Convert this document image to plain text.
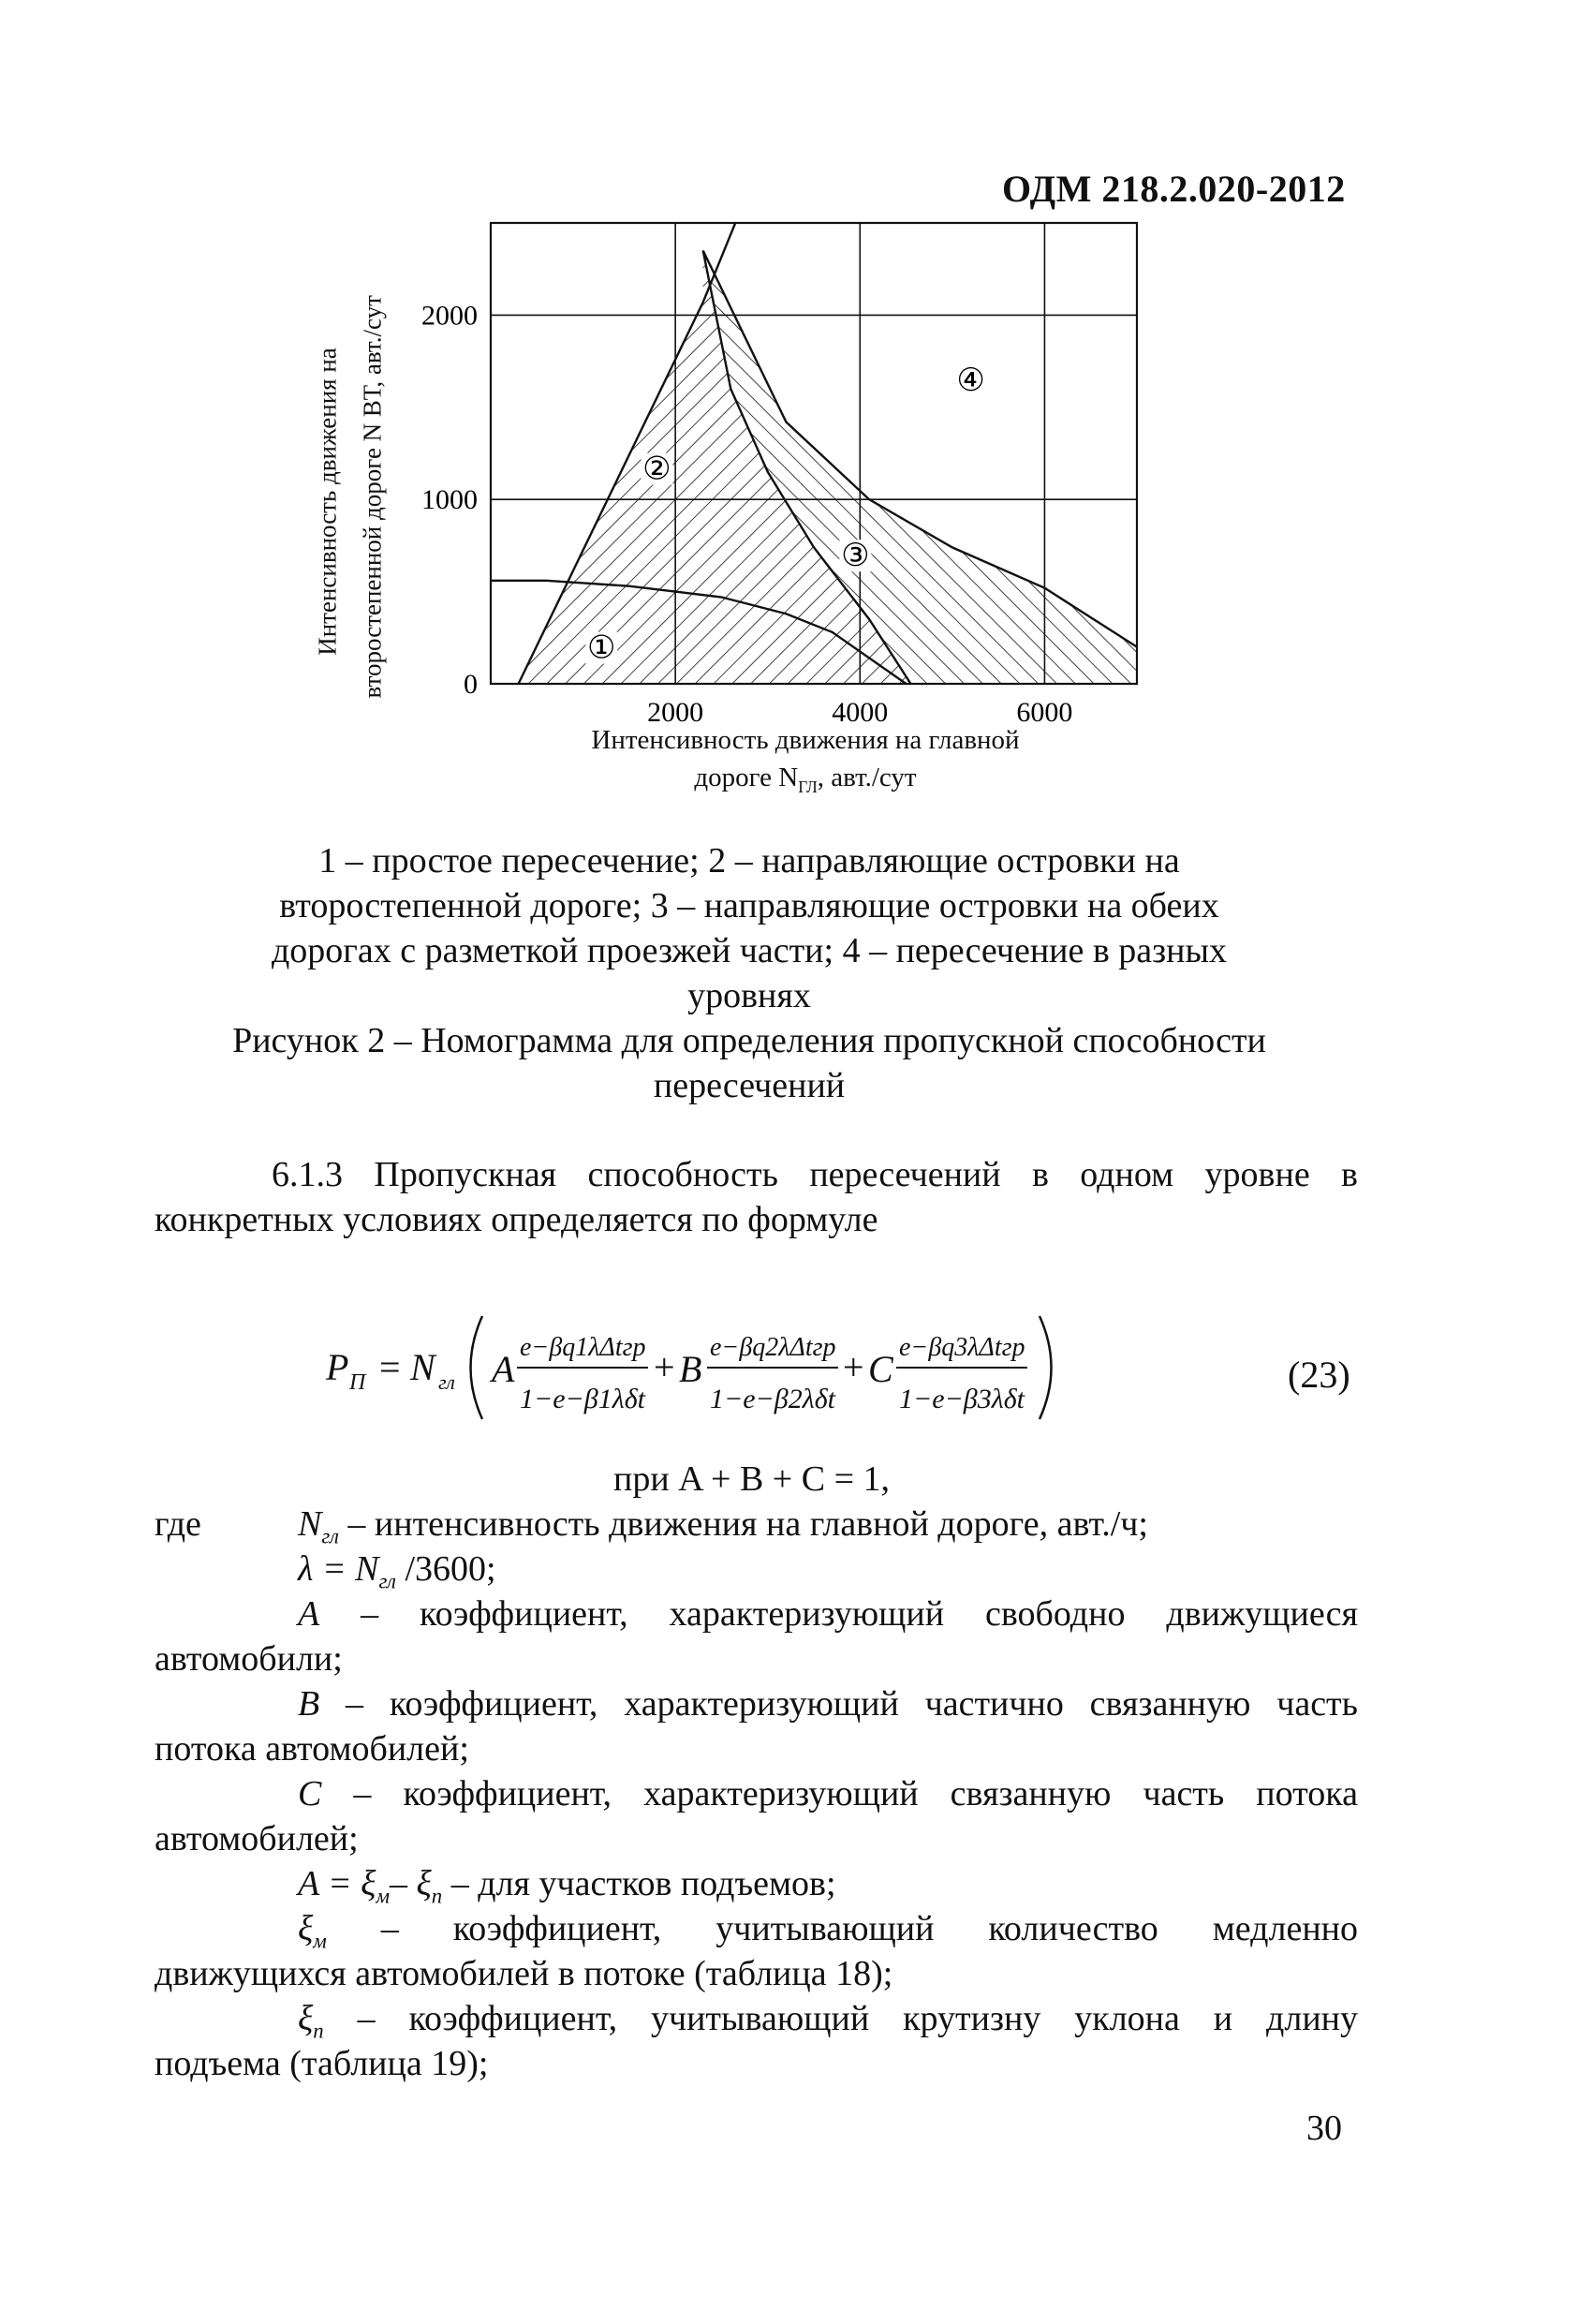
ОДМ 218.2.020-2012
Интенсивность движения на второстепенной дороге N ВТ, авт./сут
2000	4000	6000
0
1000
2000
①
②
③
④
Интенсивность движения на главной
дороге $N_{ГЛ}$, авт./сут
1 – простое пересечение; 2 – направляющие островки на
второстепенной дороге; 3 – направляющие островки на обеих
дорогах с разметкой проезжей части; 4 – пересечение в разных
уровнях
Рисунок 2 – Номограмма для определения пропускной способности
пересечений
6.1.3 Пропускная способность пересечений в одном уровне в
конкретных условиях определяется по формуле
P П = N гл A
e−βq1λΔtгр
1−e−β1λδt
+ B
e−βq2λΔtгр
1−e−β2λδt
+ C
e−βq3λΔtгр
1−e−β3λδt
(23)
при A + B + C = 1,
где	$N_{гл}$ – интенсивность движения на главной дороге, авт./ч;
$\lambda = N_{гл}$ /3600;
A – коэффициент, характеризующий свободно движущиеся
автомобили;
B – коэффициент, характеризующий частично связанную часть
потока автомобилей;
C – коэффициент, характеризующий связанную часть потока
автомобилей;
$A = \xi_м-$ $\xi_п$ – для участков подъемов;
$\xi_м$ – коэффициент, учитывающий количество медленно
движущихся автомобилей в потоке (таблица 18);
$\xi_п$ – коэффициент, учитывающий крутизну уклона и длину
подъема (таблица 19);
30
